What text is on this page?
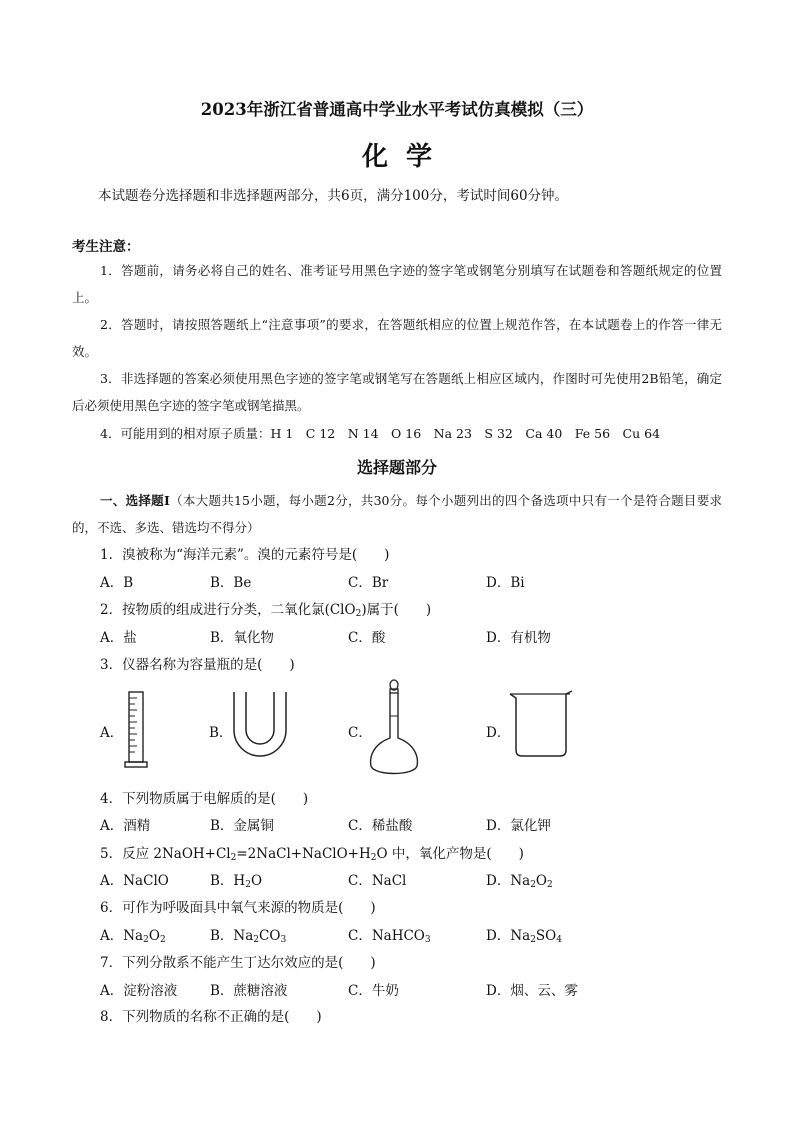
2023年浙江省普通高中学业水平考试仿真模拟（三）
化学
本试题卷分选择题和非选择题两部分，共6页，满分100分，考试时间60分钟。
考生注意：
1．答题前，请务必将自己的姓名、准考证号用黑色字迹的签字笔或钢笔分别填写在试题卷和答题纸规定的位置上。
2．答题时，请按照答题纸上“注意事项”的要求，在答题纸相应的位置上规范作答，在本试题卷上的作答一律无效。
3．非选择题的答案必须使用黑色字迹的签字笔或钢笔写在答题纸上相应区域内，作图时可先使用2B铅笔，确定后必须使用黑色字迹的签字笔或钢笔描黑。
4．可能用到的相对原子质量：H 1　C 12　N 14　O 16　Na 23　S 32　Ca 40　Fe 56　Cu 64
选择题部分
一、选择题Ⅰ（本大题共15小题，每小题2分，共30分。每个小题列出的四个备选项中只有一个是符合题目要求的，不选、多选、错选均不得分）
1．溴被称为“海洋元素”。溴的元素符号是(　　)
A．B	B．Be	C．Br	D．Bi
2．按物质的组成进行分类，二氧化氯(ClO$_2$)属于(　　)
A．盐	B．氧化物	C．酸	D．有机物
3．仪器名称为容量瓶的是(　　)
A．	B．	C．	D．
4．下列物质属于电解质的是(　　)
A．酒精	B．金属铜	C．稀盐酸	D．氯化钾
5．反应 $2NaOH+Cl_2=2NaCl+NaClO+H_2O$ 中，氧化产物是(　　)
A．NaClO	B．$H_2O$	C．NaCl	D．$Na_2O_2$
6．可作为呼吸面具中氧气来源的物质是(　　)
A．$Na_2O_2$	B．$Na_2CO_3$	C．NaHCO$_3$	D．$Na_2SO_4$
7．下列分散系不能产生丁达尔效应的是(　　)
A．淀粉溶液 B．蔗糖溶液	C．牛奶	D．烟、云、雾
8．下列物质的名称不正确的是(　　)
